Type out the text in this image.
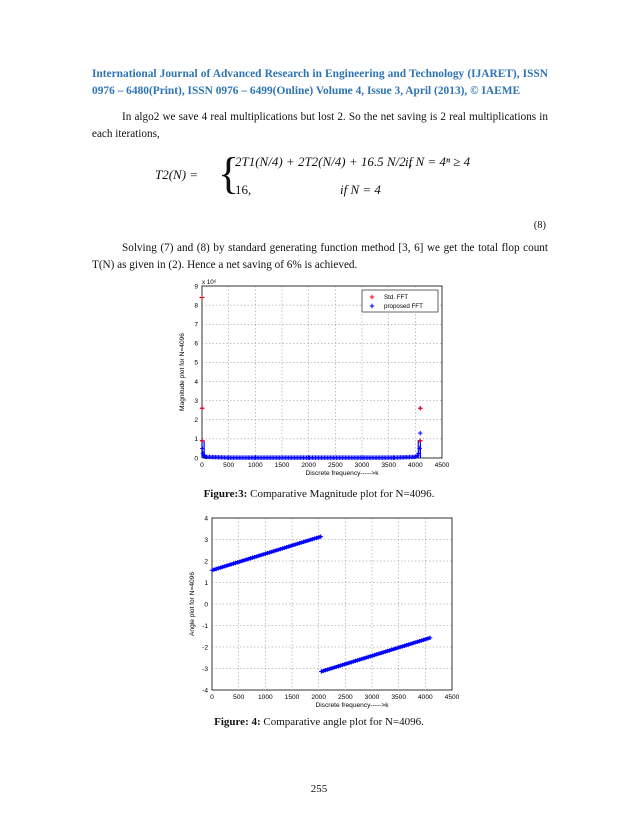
International Journal of Advanced Research in Engineering and Technology (IJARET), ISSN 0976 – 6480(Print), ISSN 0976 – 6499(Online) Volume 4, Issue 3, April (2013), © IAEME
In algo2 we save 4 real multiplications but lost 2. So the net saving is 2 real multiplications in each iterations,
T2(N) = {
2T1(N/4) + 2T2(N/4) + 16.5 N/2 ,
if N = 4ⁿ ≥ 4
16,	if N = 4
(8)
Solving (7) and (8) by standard generating function method [3, 6] we get the total flop count T(N) as given in (2). Hence a net saving of 6% is achieved.
0	500 1000 1500 2000 2500 3000 3500 4000 4500
0
1
2
3
4
5
6
7
8
9
Discrete frequency----->k
Magnitude plot for N=4096
x 10⁶
Std. FFT
proposed FFT
Figure:3: Comparative Magnitude plot for N=4096.
0	500 1000 1500 2000 2500 3000 3500 4000 4500
-4
-3
-2
-1
0
1
2
3
4
Discrete frequency----->k
Angle plot for N=4096
Figure: 4: Comparative angle plot for N=4096.
255
